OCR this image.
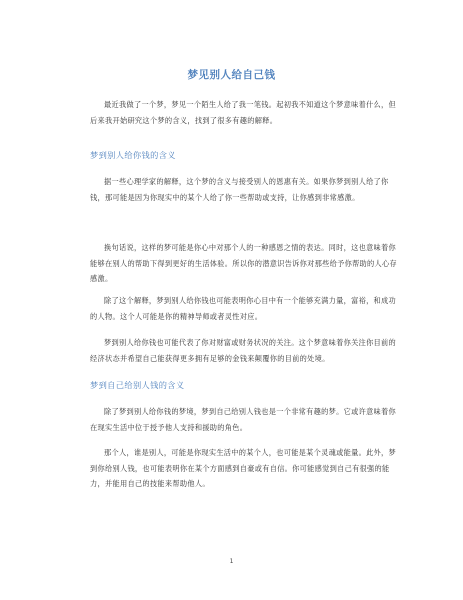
梦见别人给自己钱

最近我做了一个梦，梦见一个陌生人给了我一笔钱。起初我不知道这个梦意味着什么，但后来我开始研究这个梦的含义，找到了很多有趣的解释。

梦到别人给你钱的含义

据一些心理学家的解释，这个梦的含义与接受别人的恩惠有关。如果你梦到别人给了你钱，那可能是因为你现实中的某个人给了你一些帮助或支持，让你感到非常感激。

换句话说，这样的梦可能是你心中对那个人的一种感恩之情的表达。同时，这也意味着你能够在别人的帮助下得到更好的生活体验。所以你的潜意识告诉你对那些给予你帮助的人心存感激。

除了这个解释，梦到别人给你钱也可能表明你心目中有一个能够充满力量，富裕，和成功的人物。这个人可能是你的精神导师或者灵性对应。

梦到别人给你钱也可能代表了你对财富或财务状况的关注。这个梦意味着你关注你目前的经济状态并希望自己能获得更多拥有足够的金钱来颠覆你的目前的处境。

梦到自己给别人钱的含义

除了梦到别人给你钱的梦境，梦到自己给别人钱也是一个非常有趣的梦。它或许意味着你在现实生活中位于授予他人支持和援助的角色。

那个人，谁是别人，可能是你现实生活中的某个人，也可能是某个灵魂或能量。此外，梦到你给别人钱，也可能表明你在某个方面感到自豪或有自信。你可能感觉到自己有很强的能力，并能用自己的技能来帮助他人。

1
